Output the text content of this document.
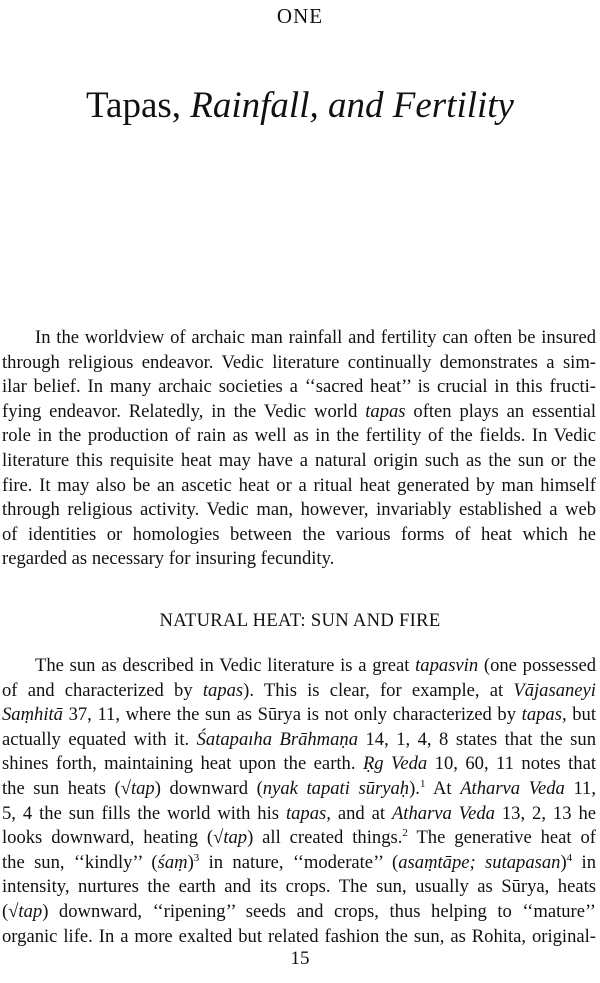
ONE
Tapas, Rainfall, and Fertility
In the worldview of archaic man rainfall and fertility can often be insured
through religious endeavor. Vedic literature continually demonstrates a sim-
ilar belief. In many archaic societies a ‘‘sacred heat’’ is crucial in this fructi-
fying endeavor. Relatedly, in the Vedic world tapas often plays an essential
role in the production of rain as well as in the fertility of the fields. In Vedic
literature this requisite heat may have a natural origin such as the sun or the
fire. It may also be an ascetic heat or a ritual heat generated by man himself
through religious activity. Vedic man, however, invariably established a web
of identities or homologies between the various forms of heat which he
regarded as necessary for insuring fecundity.
NATURAL HEAT: SUN AND FIRE
The sun as described in Vedic literature is a great tapasvin (one possessed
of and characterized by tapas). This is clear, for example, at Vājasaneyi
Saṃhitā 37, 11, where the sun as Sūrya is not only characterized by tapas, but
actually equated with it. Śatapaıha Brāhmaṇa 14, 1, 4, 8 states that the sun
shines forth, maintaining heat upon the earth. Ṛg Veda 10, 60, 11 notes that
the sun heats (√tap) downward (nyak tapati sūryaḥ).$^1$ At Atharva Veda 11,
5, 4 the sun fills the world with his tapas, and at Atharva Veda 13, 2, 13 he
looks downward, heating (√tap) all created things.$^2$ The generative heat of
the sun, ‘‘kindly’’ (śaṃ)$^3$ in nature, ‘‘moderate’’ (asaṃtāpe; sutapasan)$^4$ in
intensity, nurtures the earth and its crops. The sun, usually as Sūrya, heats
(√tap) downward, ‘‘ripening’’ seeds and crops, thus helping to ‘‘mature’’
organic life. In a more exalted but related fashion the sun, as Rohita, original-
15
